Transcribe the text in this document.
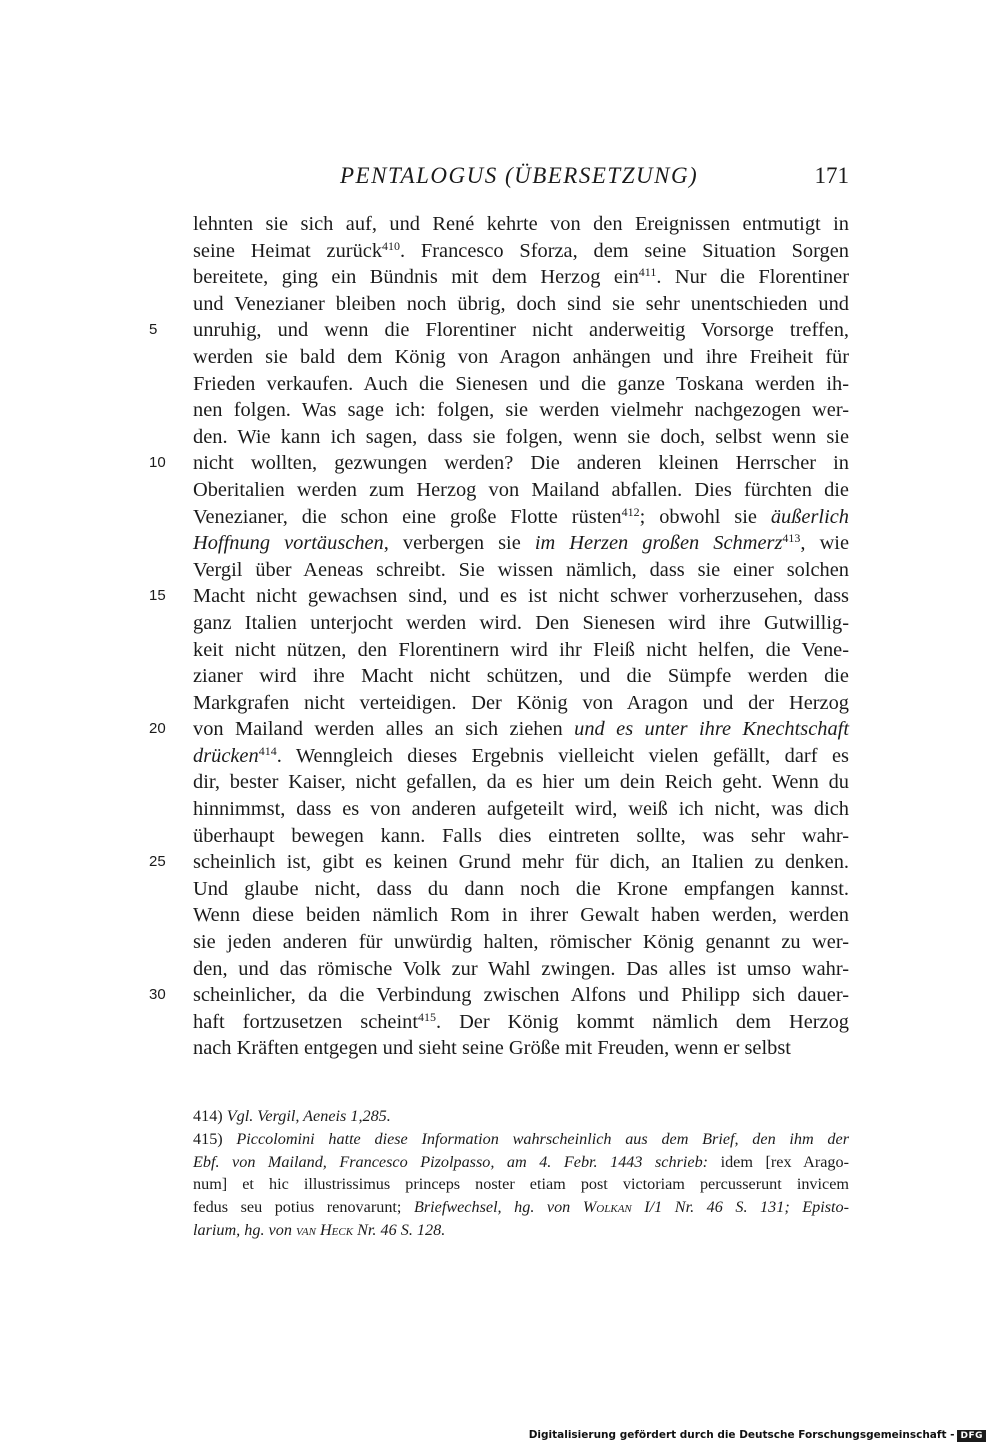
PENTALOGUS (ÜBERSETZUNG)	171
lehnten sie sich auf, und René kehrte von den Ereignissen entmutigt in
seine Heimat zurück$^{410}$. Francesco Sforza, dem seine Situation Sorgen
bereitete, ging ein Bündnis mit dem Herzog ein$^{411}$. Nur die Florentiner
und Venezianer bleiben noch übrig, doch sind sie sehr unentschieden und
5 unruhig, und wenn die Florentiner nicht anderweitig Vorsorge treffen,
werden sie bald dem König von Aragon anhängen und ihre Freiheit für
Frieden verkaufen. Auch die Sienesen und die ganze Toskana werden ih-
nen folgen. Was sage ich: folgen, sie werden vielmehr nachgezogen wer-
den. Wie kann ich sagen, dass sie folgen, wenn sie doch, selbst wenn sie
10 nicht wollten, gezwungen werden? Die anderen kleinen Herrscher in
Oberitalien werden zum Herzog von Mailand abfallen. Dies fürchten die
Venezianer, die schon eine große Flotte rüsten$^{412}$; obwohl sie äußerlich
Hoffnung vortäuschen, verbergen sie im Herzen großen Schmerz$^{413}$, wie
Vergil über Aeneas schreibt. Sie wissen nämlich, dass sie einer solchen
15 Macht nicht gewachsen sind, und es ist nicht schwer vorherzusehen, dass
ganz Italien unterjocht werden wird. Den Sienesen wird ihre Gutwillig-
keit nicht nützen, den Florentinern wird ihr Fleiß nicht helfen, die Vene-
zianer wird ihre Macht nicht schützen, und die Sümpfe werden die
Markgrafen nicht verteidigen. Der König von Aragon und der Herzog
20 von Mailand werden alles an sich ziehen und es unter ihre Knechtschaft
drücken$^{414}$. Wenngleich dieses Ergebnis vielleicht vielen gefällt, darf es
dir, bester Kaiser, nicht gefallen, da es hier um dein Reich geht. Wenn du
hinnimmst, dass es von anderen aufgeteilt wird, weiß ich nicht, was dich
überhaupt bewegen kann. Falls dies eintreten sollte, was sehr wahr-
25 scheinlich ist, gibt es keinen Grund mehr für dich, an Italien zu denken.
Und glaube nicht, dass du dann noch die Krone empfangen kannst.
Wenn diese beiden nämlich Rom in ihrer Gewalt haben werden, werden
sie jeden anderen für unwürdig halten, römischer König genannt zu wer-
den, und das römische Volk zur Wahl zwingen. Das alles ist umso wahr-
30 scheinlicher, da die Verbindung zwischen Alfons und Philipp sich dauer-
haft fortzusetzen scheint$^{415}$. Der König kommt nämlich dem Herzog
nach Kräften entgegen und sieht seine Größe mit Freuden, wenn er selbst
414) Vgl. Vergil, Aeneis 1,285.
415) Piccolomini hatte diese Information wahrscheinlich aus dem Brief, den ihm der
Ebf. von Mailand, Francesco Pizolpasso, am 4. Febr. 1443 schrieb: idem [rex Arago-
num] et hic illustrissimus princeps noster etiam post victoriam percusserunt invicem
fedus seu potius renovarunt; Briefwechsel, hg. von Wolkan I/1 Nr. 46 S. 131; Episto-
larium, hg. von van Heck Nr. 46 S. 128.
Digitalisierung gefördert durch die Deutsche Forschungsgemeinschaft - DFG
